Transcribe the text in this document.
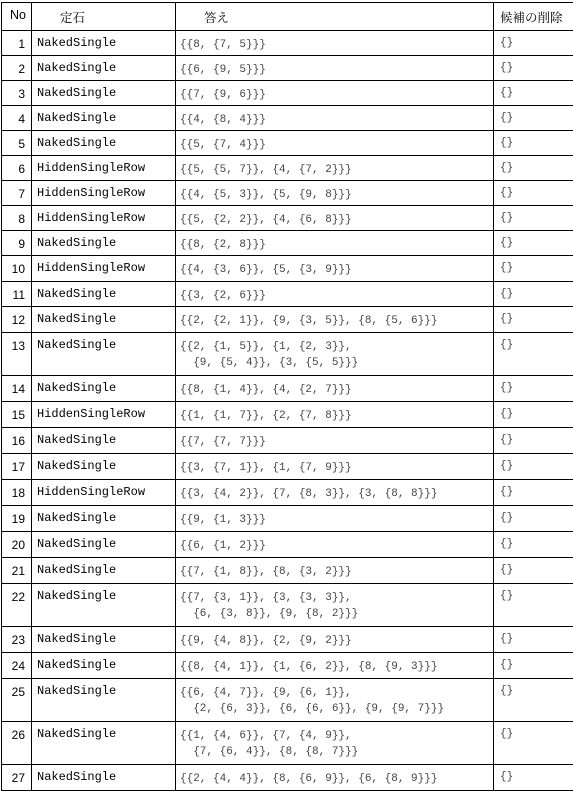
No	定石	答え	候補の削除
1	NakedSingle	{{8, {7, 5}}}	{}
2	NakedSingle	{{6, {9, 5}}}	{}
3	NakedSingle	{{7, {9, 6}}}	{}
4	NakedSingle	{{4, {8, 4}}}	{}
5	NakedSingle	{{5, {7, 4}}}	{}
6	HiddenSingleRow	{{5, {5, 7}}, {4, {7, 2}}}	{}
7	HiddenSingleRow	{{4, {5, 3}}, {5, {9, 8}}}	{}
8	HiddenSingleRow	{{5, {2, 2}}, {4, {6, 8}}}	{}
9	NakedSingle	{{8, {2, 8}}}	{}
10	HiddenSingleRow	{{4, {3, 6}}, {5, {3, 9}}}	{}
11	NakedSingle	{{3, {2, 6}}}	{}
12	NakedSingle	{{2, {2, 1}}, {9, {3, 5}}, {8, {5, 6}}}	{}
13	NakedSingle	{{2, {1, 5}}, {1, {2, 3}},
{9, {5, 4}}, {3, {5, 5}}}	{}
14	NakedSingle	{{8, {1, 4}}, {4, {2, 7}}}	{}
15	HiddenSingleRow	{{1, {1, 7}}, {2, {7, 8}}}	{}
16	NakedSingle	{{7, {7, 7}}}	{}
17	NakedSingle	{{3, {7, 1}}, {1, {7, 9}}}	{}
18	HiddenSingleRow	{{3, {4, 2}}, {7, {8, 3}}, {3, {8, 8}}}	{}
19	NakedSingle	{{9, {1, 3}}}	{}
20	NakedSingle	{{6, {1, 2}}}	{}
21	NakedSingle	{{7, {1, 8}}, {8, {3, 2}}}	{}
22	NakedSingle	{{7, {3, 1}}, {3, {3, 3}},
{6, {3, 8}}, {9, {8, 2}}}	{}
23	NakedSingle	{{9, {4, 8}}, {2, {9, 2}}}	{}
24	NakedSingle	{{8, {4, 1}}, {1, {6, 2}}, {8, {9, 3}}}	{}
25	NakedSingle	{{6, {4, 7}}, {9, {6, 1}},
{2, {6, 3}}, {6, {6, 6}}, {9, {9, 7}}}	{}
26	NakedSingle	{{1, {4, 6}}, {7, {4, 9}},
{7, {6, 4}}, {8, {8, 7}}}	{}
27	NakedSingle	{{2, {4, 4}}, {8, {6, 9}}, {6, {8, 9}}}	{}
